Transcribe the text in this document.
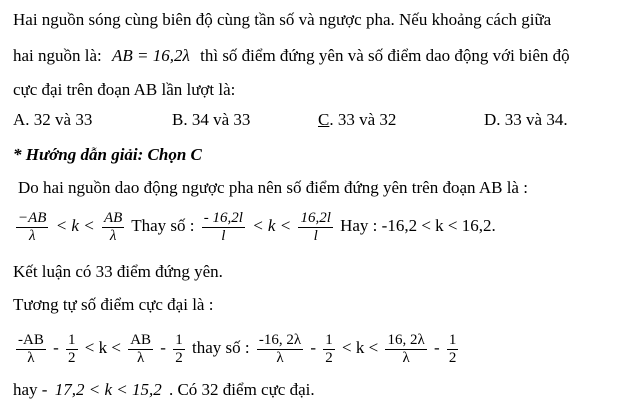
Hai nguồn sóng cùng biên độ cùng tần số và ngược pha. Nếu khoảng cách giữa
hai nguồn là: AB = 16,2λ thì số điểm đứng yên và số điểm dao động với biên độ
cực đại trên đoạn AB lần lượt là:
A. 32 và 33	B. 34 và 33	C. 33 và 32	D. 33 và 34.
* Hướng dẫn giải: Chọn C
Do hai nguồn dao động ngược pha nên số điểm đứng yên trên đoạn AB là :
$\frac{-AB}{\lambda} < k < \frac{AB}{\lambda}$ Thay số : $\frac{- 16,2l}{l} < k < \frac{16,2l}{l}$ Hay : -16,2 < k < 16,2.
Kết luận có 33 điểm đứng yên.
Tương tự số điểm cực đại là :
$\frac{-AB}{\lambda} - \frac{1}{2} < k < \frac{AB}{\lambda} - \frac{1}{2}$ thay số : $\frac{-16, 2\lambda}{\lambda} - \frac{1}{2} < k < \frac{16, 2\lambda}{\lambda} - \frac{1}{2}$
hay - 17,2 < k < 15,2 . Có 32 điểm cực đại.
